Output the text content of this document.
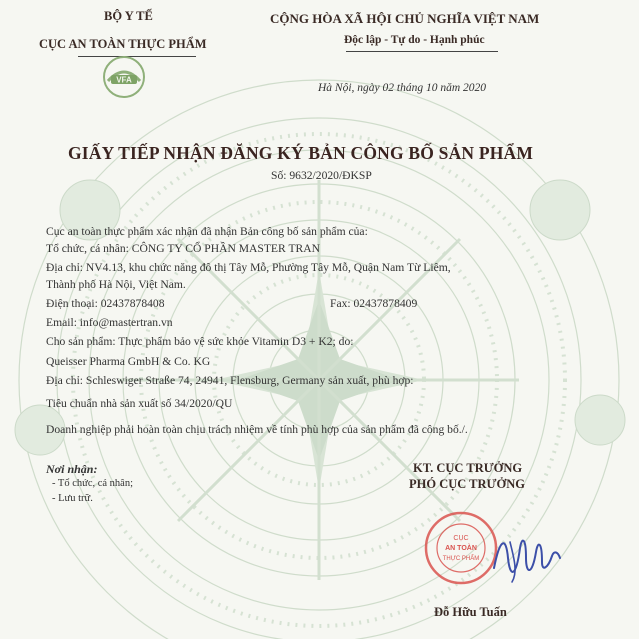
BỘ Y TẾ
CỤC AN TOÀN THỰC PHẨM
VFA
CỘNG HÒA XÃ HỘI CHỦ NGHĨA VIỆT NAM
Độc lập - Tự do - Hạnh phúc
Hà Nội, ngày 02 tháng 10 năm 2020
GIẤY TIẾP NHẬN ĐĂNG KÝ BẢN CÔNG BỐ SẢN PHẨM
Số: 9632/2020/ĐKSP
Cục an toàn thực phẩm xác nhận đã nhận Bản công bố sản phẩm của:
Tổ chức, cá nhân: CÔNG TY CỔ PHẦN MASTER TRAN
Địa chỉ: NV4.13, khu chức năng đô thị Tây Mỗ, Phường Tây Mỗ, Quận Nam Từ Liêm,
Thành phố Hà Nội, Việt Nam.
Điện thoại: 02437878408	Fax: 02437878409
Email: info@mastertran.vn
Cho sản phẩm: Thực phẩm bảo vệ sức khỏe Vitamin D3 + K2; do:
Queisser Pharma GmbH & Co. KG
Địa chỉ: Schleswiger Straße 74, 24941, Flensburg, Germany sản xuất, phù hợp:
Tiêu chuẩn nhà sản xuất số 34/2020/QU
Doanh nghiệp phải hoàn toàn chịu trách nhiệm về tính phù hợp của sản phẩm đã công bố./.
Nơi nhận:
- Tổ chức, cá nhân;
- Lưu trữ.
KT. CỤC TRƯỞNG
PHÓ CỤC TRƯỞNG
CỤC
AN TOÀN
THỰC PHẨM
Đỗ Hữu Tuấn
